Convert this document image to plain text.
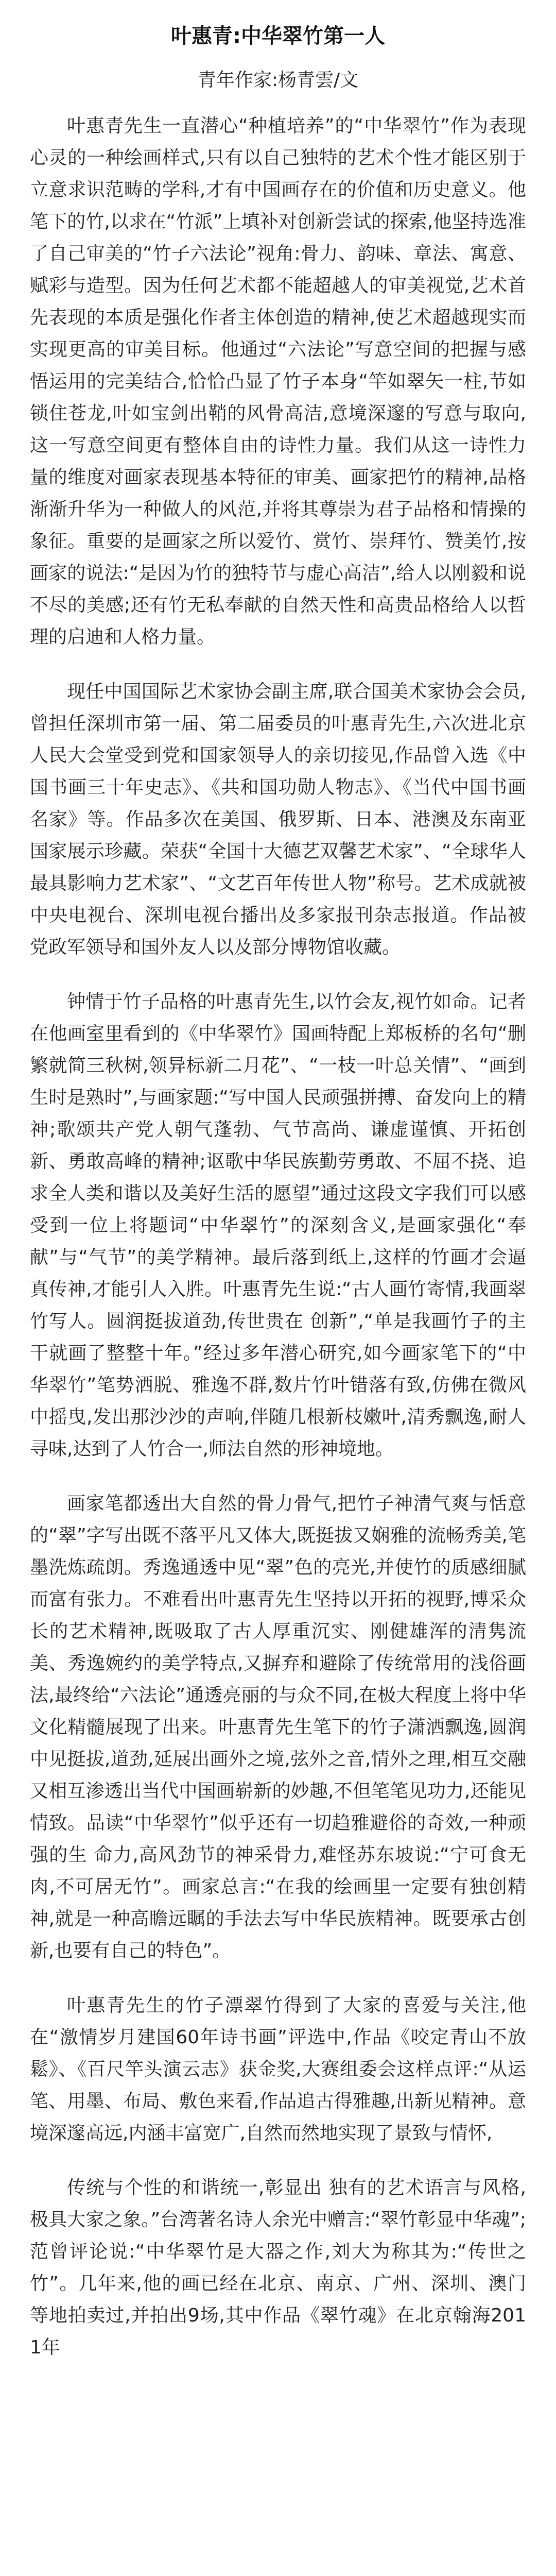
叶惠青:中华翠竹第一人
青年作家:杨青雲/文

叶惠青先生一直潜心“种植培养”的“中华翠竹”作为表现心灵的一种绘画样式,只有以自己独特的艺术个性才能区别于立意求识范畴的学科,才有中国画存在的价值和历史意义。他笔下的竹,以求在“竹派”上填补对创新尝试的探索,他坚持选准了自己审美的“竹子六法论”视角:骨力、韵味、章法、寓意、赋彩与造型。因为任何艺术都不能超越人的审美视觉,艺术首先表现的本质是强化作者主体创造的精神,使艺术超越现实而实现更高的审美目标。他通过“六法论”写意空间的把握与感悟运用的完美结合,恰恰凸显了竹子本身“竿如翠矢一柱,节如锁住苍龙,叶如宝剑出鞘的风骨高洁,意境深邃的写意与取向,这一写意空间更有整体自由的诗性力量。我们从这一诗性力量的维度对画家表现基本特征的审美、画家把竹的精神,品格渐渐升华为一种做人的风范,并将其尊崇为君子品格和情操的象征。重要的是画家之所以爱竹、赏竹、崇拜竹、赞美竹,按画家的说法:“是因为竹的独特节与虚心高洁”,给人以刚毅和说不尽的美感;还有竹无私奉献的自然天性和高贵品格给人以哲理的启迪和人格力量。

现任中国国际艺术家协会副主席,联合国美术家协会会员,曾担任深圳市第一届、第二届委员的叶惠青先生,六次进北京人民大会堂受到党和国家领导人的亲切接见,作品曾入选《中国书画三十年史志》、《共和国功勋人物志》、《当代中国书画名家》等。作品多次在美国、俄罗斯、日本、港澳及东南亚国家展示珍藏。荣获“全国十大德艺双馨艺术家”、“全球华人最具影响力艺术家”、“文艺百年传世人物”称号。艺术成就被中央电视台、深圳电视台播出及多家报刊杂志报道。作品被党政军领导和国外友人以及部分博物馆收藏。

钟情于竹子品格的叶惠青先生,以竹会友,视竹如命。记者在他画室里看到的《中华翠竹》国画特配上郑板桥的名句“删繁就简三秋树,领异标新二月花”、“一枝一叶总关情”、“画到生时是熟时”,与画家题:“写中国人民顽强拼搏、奋发向上的精神;歌颂共产党人朝气蓬勃、气节高尚、谦虚谨慎、开拓创新、勇敢高峰的精神;讴歌中华民族勤劳勇敢、不屈不挠、追求全人类和谐以及美好生活的愿望”通过这段文字我们可以感受到一位上将题词“中华翠竹”的深刻含义,是画家强化“奉献”与“气节”的美学精神。最后落到纸上,这样的竹画才会逼真传神,才能引人入胜。叶惠青先生说:“古人画竹寄情,我画翠竹写人。圆润挺拔道劲,传世贵在 创新”,“单是我画竹子的主干就画了整整十年。”经过多年潜心研究,如今画家笔下的“中华翠竹”笔势洒脱、雅逸不群,数片竹叶错落有致,仿佛在微风中摇曳,发出那沙沙的声响,伴随几根新枝嫩叶,清秀飘逸,耐人寻味,达到了人竹合一,师法自然的形神境地。

画家笔都透出大自然的骨力骨气,把竹子神清气爽与恬意的“翠”字写出既不落平凡又体大,既挺拔又娴雅的流畅秀美,笔墨洗炼疏朗。秀逸通透中见“翠”色的亮光,并使竹的质感细腻而富有张力。不难看出叶惠青先生坚持以开拓的视野,博采众长的艺术精神,既吸取了古人厚重沉实、刚健雄浑的清隽流美、秀逸婉约的美学特点,又摒弃和避除了传统常用的浅俗画法,最终给“六法论”通透亮丽的与众不同,在极大程度上将中华文化精髓展现了出来。叶惠青先生笔下的竹子潇洒飘逸,圆润中见挺拔,道劲,延展出画外之境,弦外之音,情外之理,相互交融又相互渗透出当代中国画崭新的妙趣,不但笔笔见功力,还能见情致。品读“中华翠竹”似乎还有一切趋雅避俗的奇效,一种顽强的生 命力,高风劲节的神采骨力,难怪苏东坡说:“宁可食无肉,不可居无竹”。画家总言:“在我的绘画里一定要有独创精神,就是一种高瞻远瞩的手法去写中华民族精神。既要承古创新,也要有自己的特色”。

叶惠青先生的竹子漂翠竹得到了大家的喜爱与关注,他在“激情岁月建国60年诗书画”评选中,作品《咬定青山不放鬆》、《百尺竿头演云志》获金奖,大赛组委会这样点评:“从运笔、用墨、布局、敷色来看,作品追古得雅趣,出新见精神。意境深邃高远,内涵丰富宽广,自然而然地实现了景致与情怀,

传统与个性的和谐统一,彰显出 独有的艺术语言与风格,极具大家之象。”台湾著名诗人余光中赠言:“翠竹彰显中华魂”;范曾评论说:“中华翠竹是大器之作,刘大为称其为:“传世之竹”。几年来,他的画已经在北京、南京、广州、深圳、澳门等地拍卖过,并拍出9场,其中作品《翠竹魂》在北京翰海2011年
